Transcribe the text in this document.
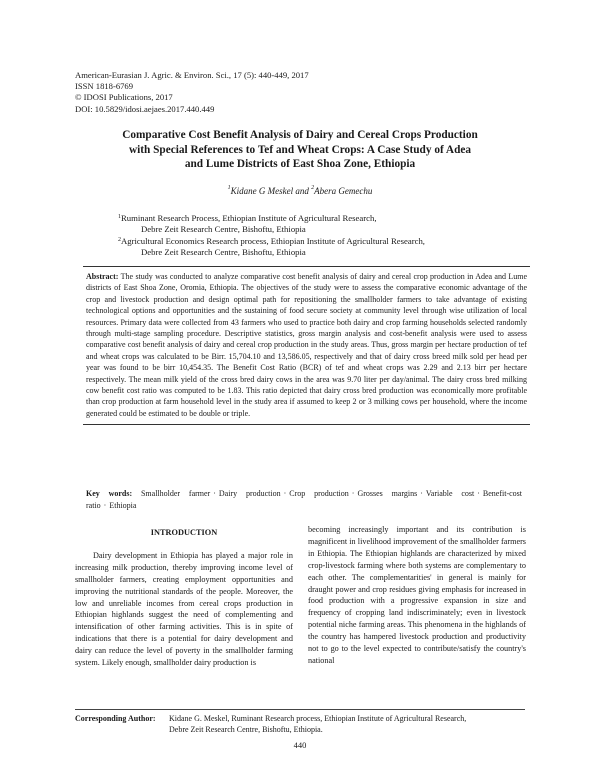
American-Eurasian J. Agric. & Environ. Sci., 17 (5): 440-449, 2017
ISSN 1818-6769
© IDOSI Publications, 2017
DOI: 10.5829/idosi.aejaes.2017.440.449
Comparative Cost Benefit Analysis of Dairy and Cereal Crops Production
with Special References to Tef and Wheat Crops: A Case Study of Adea
and Lume Districts of East Shoa Zone, Ethiopia
$^1$Kidane G Meskel and $^2$Abera Gemechu
$^1$Ruminant Research Process, Ethiopian Institute of Agricultural Research,
Debre Zeit Research Centre, Bishoftu, Ethiopia
$^2$Agricultural Economics Research process, Ethiopian Institute of Agricultural Research,
Debre Zeit Research Centre, Bishoftu, Ethiopia
Abstract: The study was conducted to analyze comparative cost benefit analysis of dairy and cereal crop production in Adea and Lume districts of East Shoa Zone, Oromia, Ethiopia. The objectives of the study were to assess the comparative economic advantage of the crop and livestock production and design optimal path for repositioning the smallholder farmers to take advantage of existing technological options and opportunities and the sustaining of food secure society at community level through wise utilization of local resources. Primary data were collected from 43 farmers who used to practice both dairy and crop farming households selected randomly through multi-stage sampling procedure. Descriptive statistics, gross margin analysis and cost-benefit analysis were used to assess comparative cost benefit analysis of dairy and cereal crop production in the study areas. Thus, gross margin per hectare production of tef and wheat crops was calculated to be Birr. 15,704.10 and 13,586.05, respectively and that of dairy cross breed milk sold per head per year was found to be birr 10,454.35. The Benefit Cost Ratio (BCR) of tef and wheat crops was 2.29 and 2.13 birr per hectare respectively. The mean milk yield of the cross bred dairy cows in the area was 9.70 liter per day/animal. The dairy cross bred milking cow benefit cost ratio was computed to be 1.83. This ratio depicted that dairy cross bred production was economically more profitable than crop production at farm household level in the study area if assumed to keep 2 or 3 milking cows per household, where the income generated could be estimated to be double or triple.
Key words: Smallholder farmer · Dairy production · Crop production · Grosses margins · Variable cost · Benefit-cost ratio · Ethiopia
INTRODUCTION

Dairy development in Ethiopia has played a major role in increasing milk production, thereby improving income level of smallholder farmers, creating employment opportunities and improving the nutritional standards of the people. Moreover, the low and unreliable incomes from cereal crops production in Ethiopian highlands suggest the need of complementing and intensification of other farming activities. This is in spite of indications that there is a potential for dairy development and dairy can reduce the level of poverty in the smallholder farming system. Likely enough, smallholder dairy production is

becoming increasingly important and its contribution is magnificent in livelihood improvement of the smallholder farmers in Ethiopia. The Ethiopian highlands are characterized by mixed crop-livestock farming where both systems are complementary to each other. The complementarities' in general is mainly for draught power and crop residues giving emphasis for increased in food production with a progressive expansion in size and frequency of cropping land indiscriminately; even in livestock potential niche farming areas. This phenomena in the highlands of the country has hampered livestock production and productivity not to go to the level expected to contribute/satisfy the country's national

Corresponding Author: Kidane G. Meskel, Ruminant Research process, Ethiopian Institute of Agricultural Research,
Debre Zeit Research Centre, Bishoftu, Ethiopia.
440
